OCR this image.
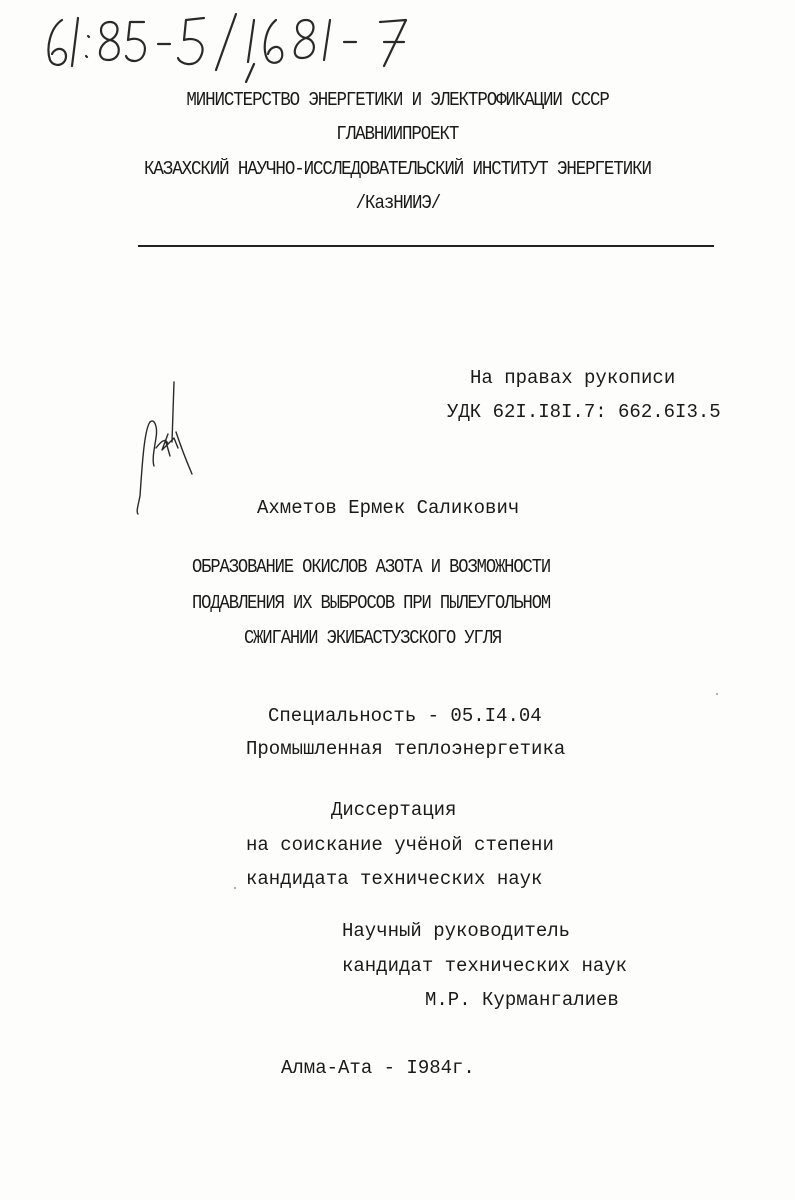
МИНИСТЕРСТВО ЭНЕРГЕТИКИ И ЭЛЕКТРОФИКАЦИИ СССР
ГЛАВНИИПРОЕКТ
КАЗАХСКИЙ НАУЧНО-ИССЛЕДОВАТЕЛЬСКИЙ ИНСТИТУТ ЭНЕРГЕТИКИ
/КазНИИЭ/
На правах рукописи
УДК 62I.I8I.7: 662.6I3.5
Ахметов Ермек Саликович
ОБРАЗОВАНИЕ ОКИСЛОВ АЗОТА И ВОЗМОЖНОСТИ
ПОДАВЛЕНИЯ ИХ ВЫБРОСОВ ПРИ ПЫЛЕУГОЛЬНОМ
СЖИГАНИИ ЭКИБАСТУЗСКОГО УГЛЯ
Специальность - 05.I4.04
Промышленная теплоэнергетика
Диссертация
на соискание учёной степени
кандидата технических наук
Научный руководитель
кандидат технических наук
М.Р. Курмангалиев
Алма-Ата - I984г.
